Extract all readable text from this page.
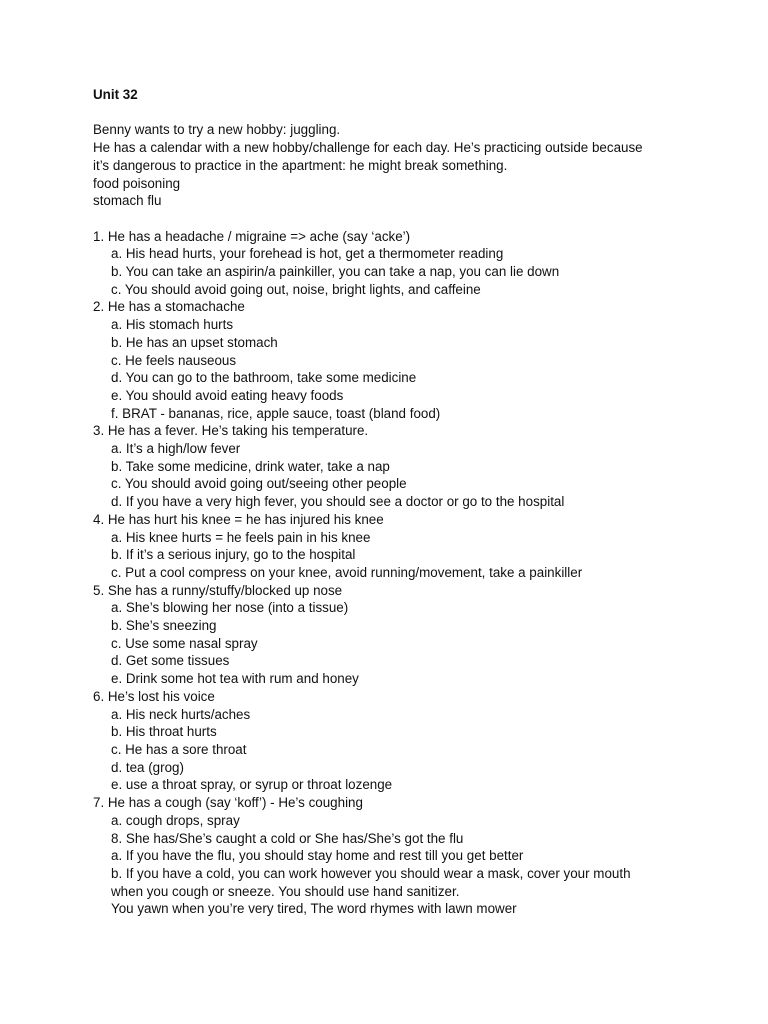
Unit 32

Benny wants to try a new hobby: juggling.

He has a calendar with a new hobby/challenge for each day. He’s practicing outside because

it’s dangerous to practice in the apartment: he might break something.

food poisoning

stomach flu

1. He has a headache / migraine => ache (say ‘acke’)

a. His head hurts, your forehead is hot, get a thermometer reading

b. You can take an aspirin/a painkiller, you can take a nap, you can lie down

c. You should avoid going out, noise, bright lights, and caffeine

2. He has a stomachache

a. His stomach hurts

b. He has an upset stomach

c. He feels nauseous

d. You can go to the bathroom, take some medicine

e. You should avoid eating heavy foods

f. BRAT - bananas, rice, apple sauce, toast (bland food)

3. He has a fever. He’s taking his temperature.

a. It’s a high/low fever

b. Take some medicine, drink water, take a nap

c. You should avoid going out/seeing other people

d. If you have a very high fever, you should see a doctor or go to the hospital

4. He has hurt his knee = he has injured his knee

a. His knee hurts = he feels pain in his knee

b. If it’s a serious injury, go to the hospital

c. Put a cool compress on your knee, avoid running/movement, take a painkiller

5. She has a runny/stuffy/blocked up nose

a. She’s blowing her nose (into a tissue)

b. She’s sneezing

c. Use some nasal spray

d. Get some tissues

e. Drink some hot tea with rum and honey

6. He’s lost his voice

a. His neck hurts/aches

b. His throat hurts

c. He has a sore throat

d. tea (grog)

e. use a throat spray, or syrup or throat lozenge

7. He has a cough (say ‘koff’) - He’s coughing

a. cough drops, spray

8. She has/She’s caught a cold or She has/She’s got the flu

a. If you have the flu, you should stay home and rest till you get better

b. If you have a cold, you can work however you should wear a mask, cover your mouth

when you cough or sneeze. You should use hand sanitizer.

You yawn when you’re very tired, The word rhymes with lawn mower
